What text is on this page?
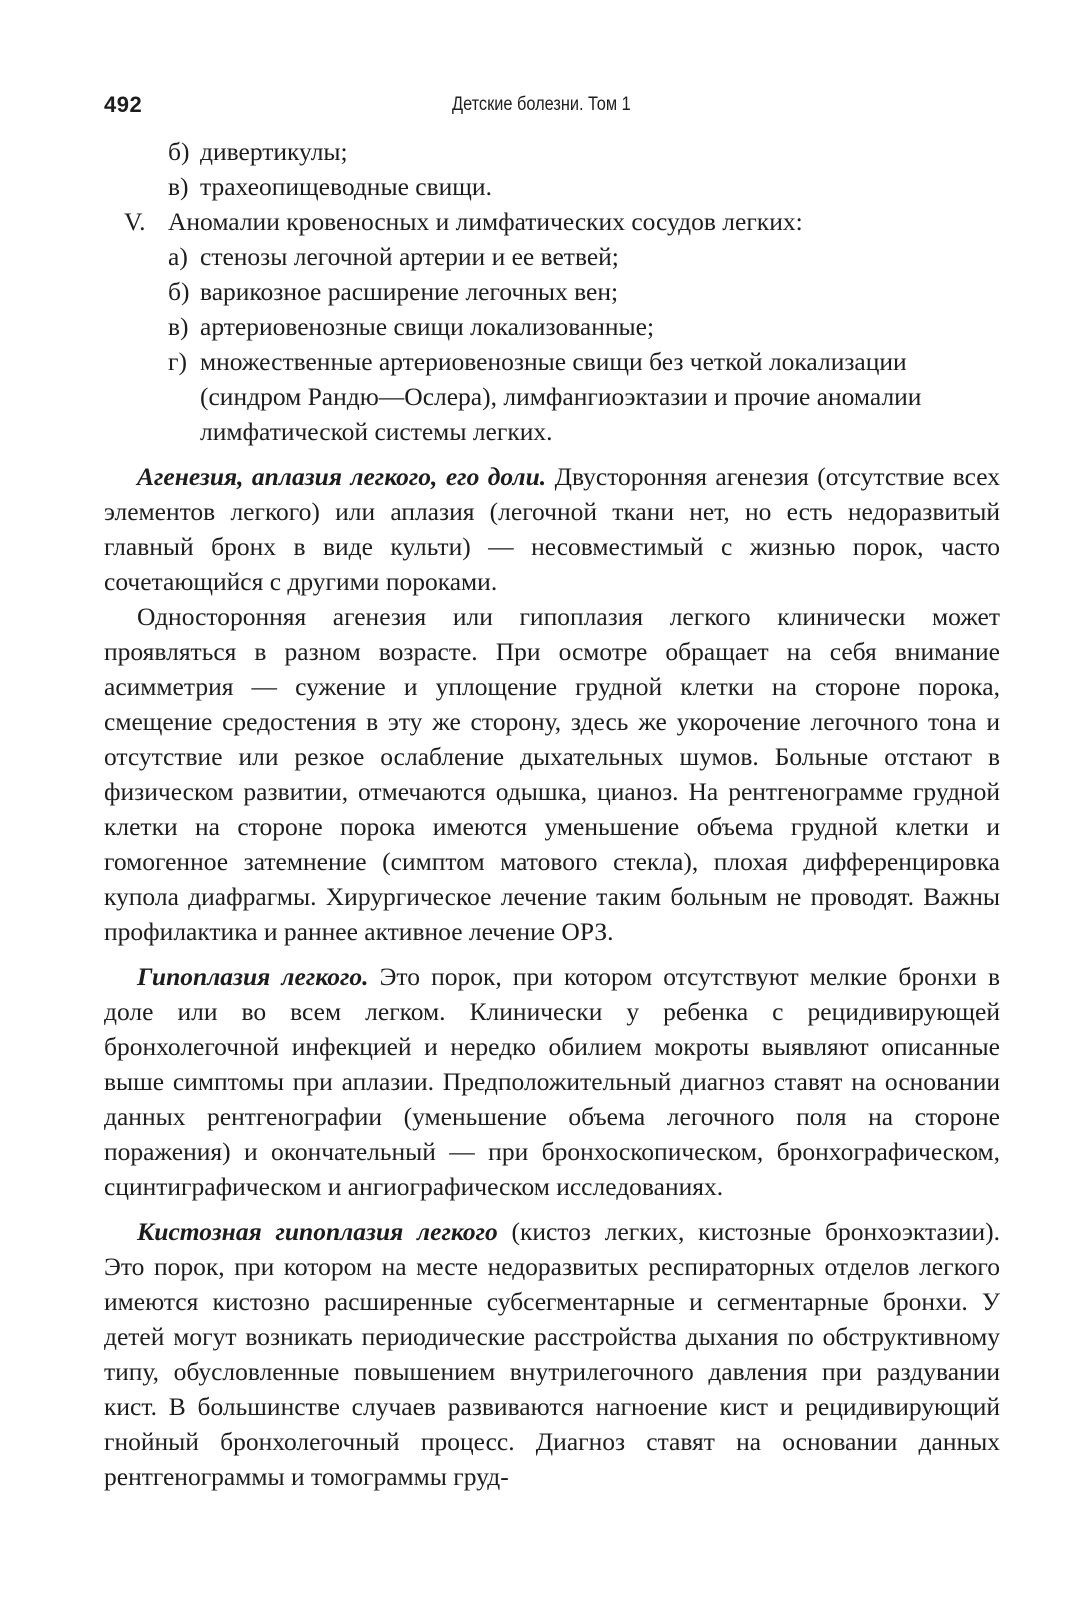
492	Детские болезни. Том 1
б) дивертикулы;
в) трахеопищеводные свищи.
V. Аномалии кровеносных и лимфатических сосудов легких:
а) стенозы легочной артерии и ее ветвей;
б) варикозное расширение легочных вен;
в) артериовенозные свищи локализованные;
г) множественные артериовенозные свищи без четкой локализации (синдром Рандю—Ослера), лимфангиоэктазии и прочие аномалии лимфатической системы легких.

Агенезия, аплазия легкого, его доли. Двусторонняя агенезия (отсутствие всех элементов легкого) или аплазия (легочной ткани нет, но есть недоразвитый главный бронх в виде культи) — несовместимый с жизнью порок, часто сочетающийся с другими пороками.

Односторонняя агенезия или гипоплазия легкого клинически может проявляться в разном возрасте. При осмотре обращает на себя внимание асимметрия — сужение и уплощение грудной клетки на стороне порока, смещение средостения в эту же сторону, здесь же укорочение легочного тона и отсутствие или резкое ослабление дыхательных шумов. Больные отстают в физическом развитии, отмечаются одышка, цианоз. На рентгенограмме грудной клетки на стороне порока имеются уменьшение объема грудной клетки и гомогенное затемнение (симптом матового стекла), плохая дифференцировка купола диафрагмы. Хирургическое лечение таким больным не проводят. Важны профилактика и раннее активное лечение ОРЗ.

Гипоплазия легкого. Это порок, при котором отсутствуют мелкие бронхи в доле или во всем легком. Клинически у ребенка с рецидивирующей бронхолегочной инфекцией и нередко обилием мокроты выявляют описанные выше симптомы при аплазии. Предположительный диагноз ставят на основании данных рентгенографии (уменьшение объема легочного поля на стороне поражения) и окончательный — при бронхоскопическом, бронхографическом, сцинтиграфическом и ангиографическом исследованиях.

Кистозная гипоплазия легкого (кистоз легких, кистозные бронхоэктазии). Это порок, при котором на месте недоразвитых респираторных отделов легкого имеются кистозно расширенные субсегментарные и сегментарные бронхи. У детей могут возникать периодические расстройства дыхания по обструктивному типу, обусловленные повышением внутрилегочного давления при раздувании кист. В большинстве случаев развиваются нагноение кист и рецидивирующий гнойный бронхолегочный процесс. Диагноз ставят на основании данных рентгенограммы и томограммы груд-
